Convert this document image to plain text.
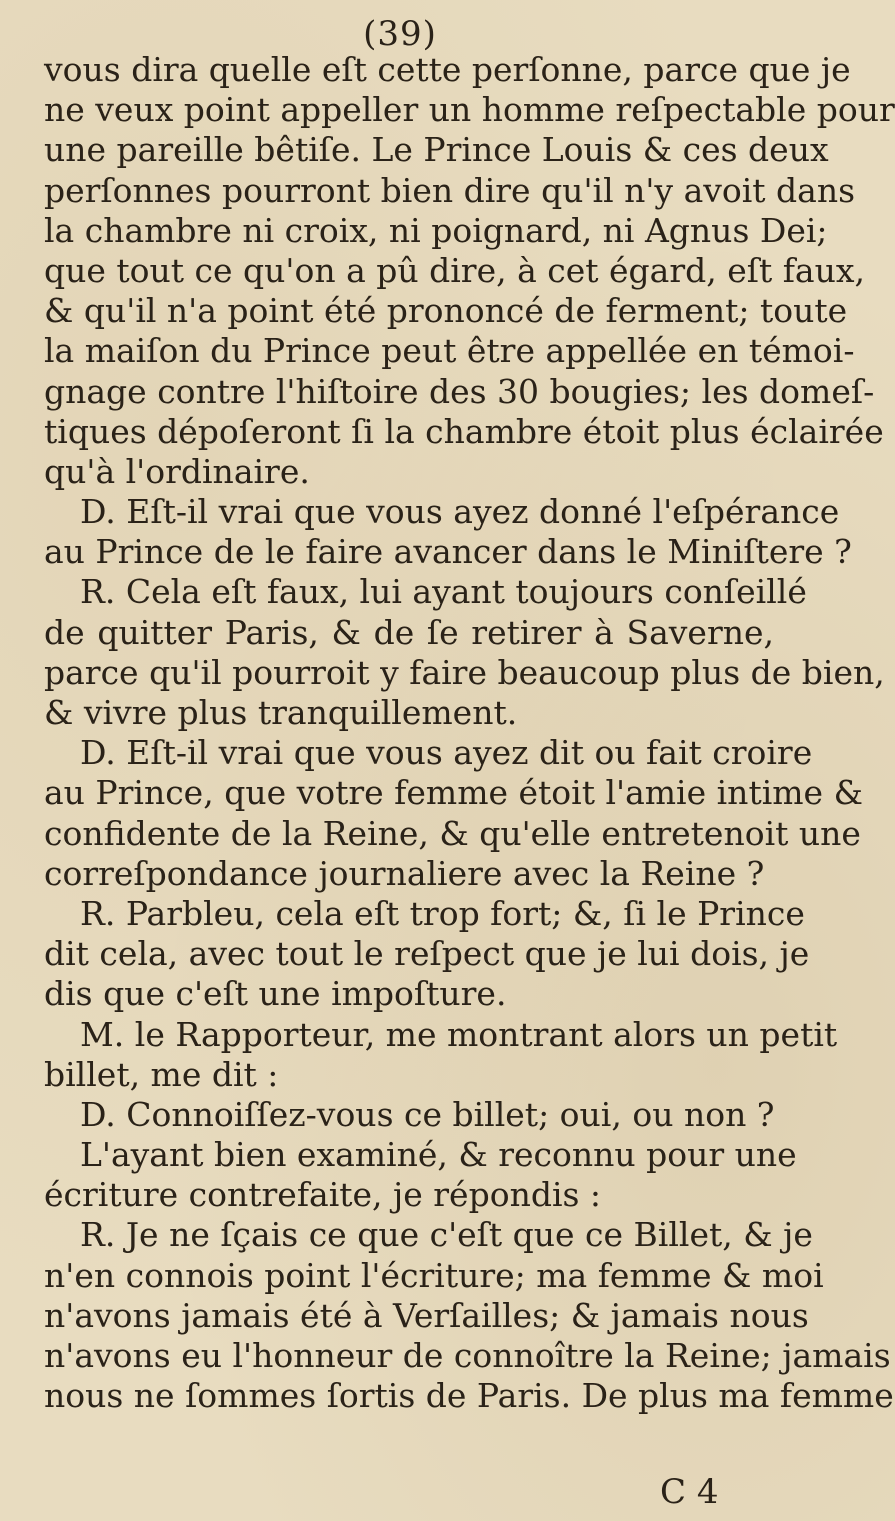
(39)
vous dira quelle eſt cette perſonne, parce que je
ne veux point appeller un homme reſpectable pour
une pareille bêtiſe. Le Prince Louis & ces deux
perſonnes pourront bien dire qu'il n'y avoit dans
la chambre ni croix, ni poignard, ni Agnus Dei;
que tout ce qu'on a pû dire, à cet égard, eſt faux,
& qu'il n'a point été prononcé de ferment; toute
la maiſon du Prince peut être appellée en témoi-
gnage contre l'hiſtoire des 30 bougies; les domeſ-
tiques dépoſeront ſi la chambre étoit plus éclairée
qu'à l'ordinaire.
D. Eſt-il vrai que vous ayez donné l'eſpérance
au Prince de le faire avancer dans le Miniſtere ?
R. Cela eſt faux, lui ayant toujours conſeillé
de quitter Paris, & de ſe retirer à Saverne,
parce qu'il pourroit y faire beaucoup plus de bien,
& vivre plus tranquillement.
D. Eſt-il vrai que vous ayez dit ou fait croire
au Prince, que votre femme étoit l'amie intime &
confidente de la Reine, & qu'elle entretenoit une
correſpondance journaliere avec la Reine ?
R. Parbleu, cela eſt trop fort; &, ſi le Prince
dit cela, avec tout le reſpect que je lui dois, je
dis que c'eſt une impoſture.
M. le Rapporteur, me montrant alors un petit
billet, me dit :
D. Connoiſſez-vous ce billet; oui, ou non ?
L'ayant bien examiné, & reconnu pour une
écriture contrefaite, je répondis :
R. Je ne ſçais ce que c'eſt que ce Billet, & je
n'en connois point l'écriture; ma femme & moi
n'avons jamais été à Verſailles; & jamais nous
n'avons eu l'honneur de connoître la Reine; jamais
nous ne ſommes ſortis de Paris. De plus ma femme
C 4
